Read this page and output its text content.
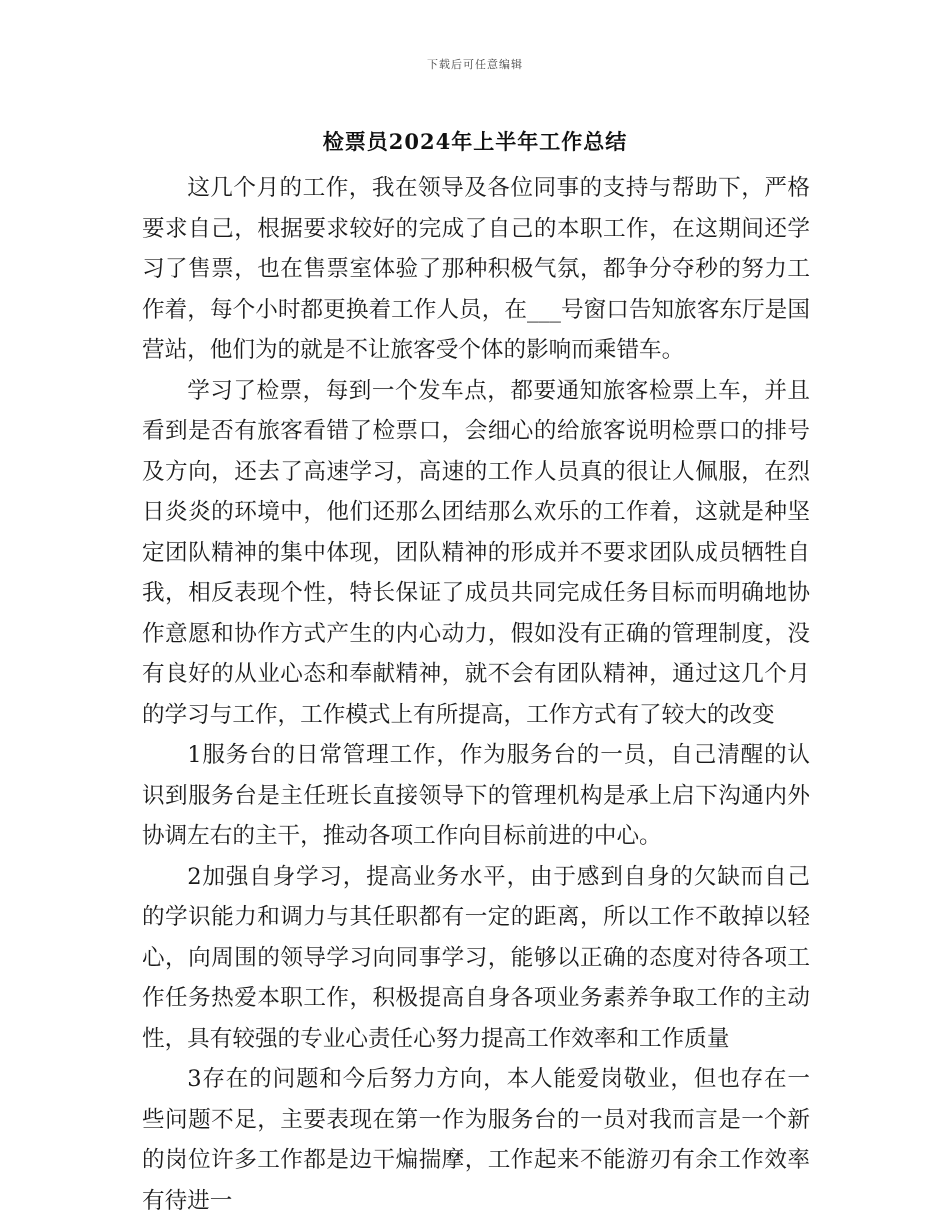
下载后可任意编辑
检票员2024年上半年工作总结

这几个月的工作，我在领导及各位同事的支持与帮助下，严格要求自己，根据要求较好的完成了自己的本职工作，在这期间还学习了售票，也在售票室体验了那种积极气氛，都争分夺秒的努力工作着，每个小时都更换着工作人员，在___号窗口告知旅客东厅是国营站，他们为的就是不让旅客受个体的影响而乘错车。

学习了检票，每到一个发车点，都要通知旅客检票上车，并且看到是否有旅客看错了检票口，会细心的给旅客说明检票口的排号及方向，还去了高速学习，高速的工作人员真的很让人佩服，在烈日炎炎的环境中，他们还那么团结那么欢乐的工作着，这就是种坚定团队精神的集中体现，团队精神的形成并不要求团队成员牺牲自我，相反表现个性，特长保证了成员共同完成任务目标而明确地协作意愿和协作方式产生的内心动力，假如没有正确的管理制度，没有良好的从业心态和奉献精神，就不会有团队精神，通过这几个月的学习与工作，工作模式上有所提高，工作方式有了较大的改变

1服务台的日常管理工作，作为服务台的一员，自己清醒的认识到服务台是主任班长直接领导下的管理机构是承上启下沟通内外协调左右的主干，推动各项工作向目标前进的中心。

2加强自身学习，提高业务水平，由于感到自身的欠缺而自己的学识能力和调力与其任职都有一定的距离，所以工作不敢掉以轻心，向周围的领导学习向同事学习，能够以正确的态度对待各项工作任务热爱本职工作，积极提高自身各项业务素养争取工作的主动性，具有较强的专业心责任心努力提高工作效率和工作质量

3存在的问题和今后努力方向，本人能爱岗敬业，但也存在一些问题不足，主要表现在第一作为服务台的一员对我而言是一个新的岗位许多工作都是边干煸揣摩，工作起来不能游刃有余工作效率有待进一
